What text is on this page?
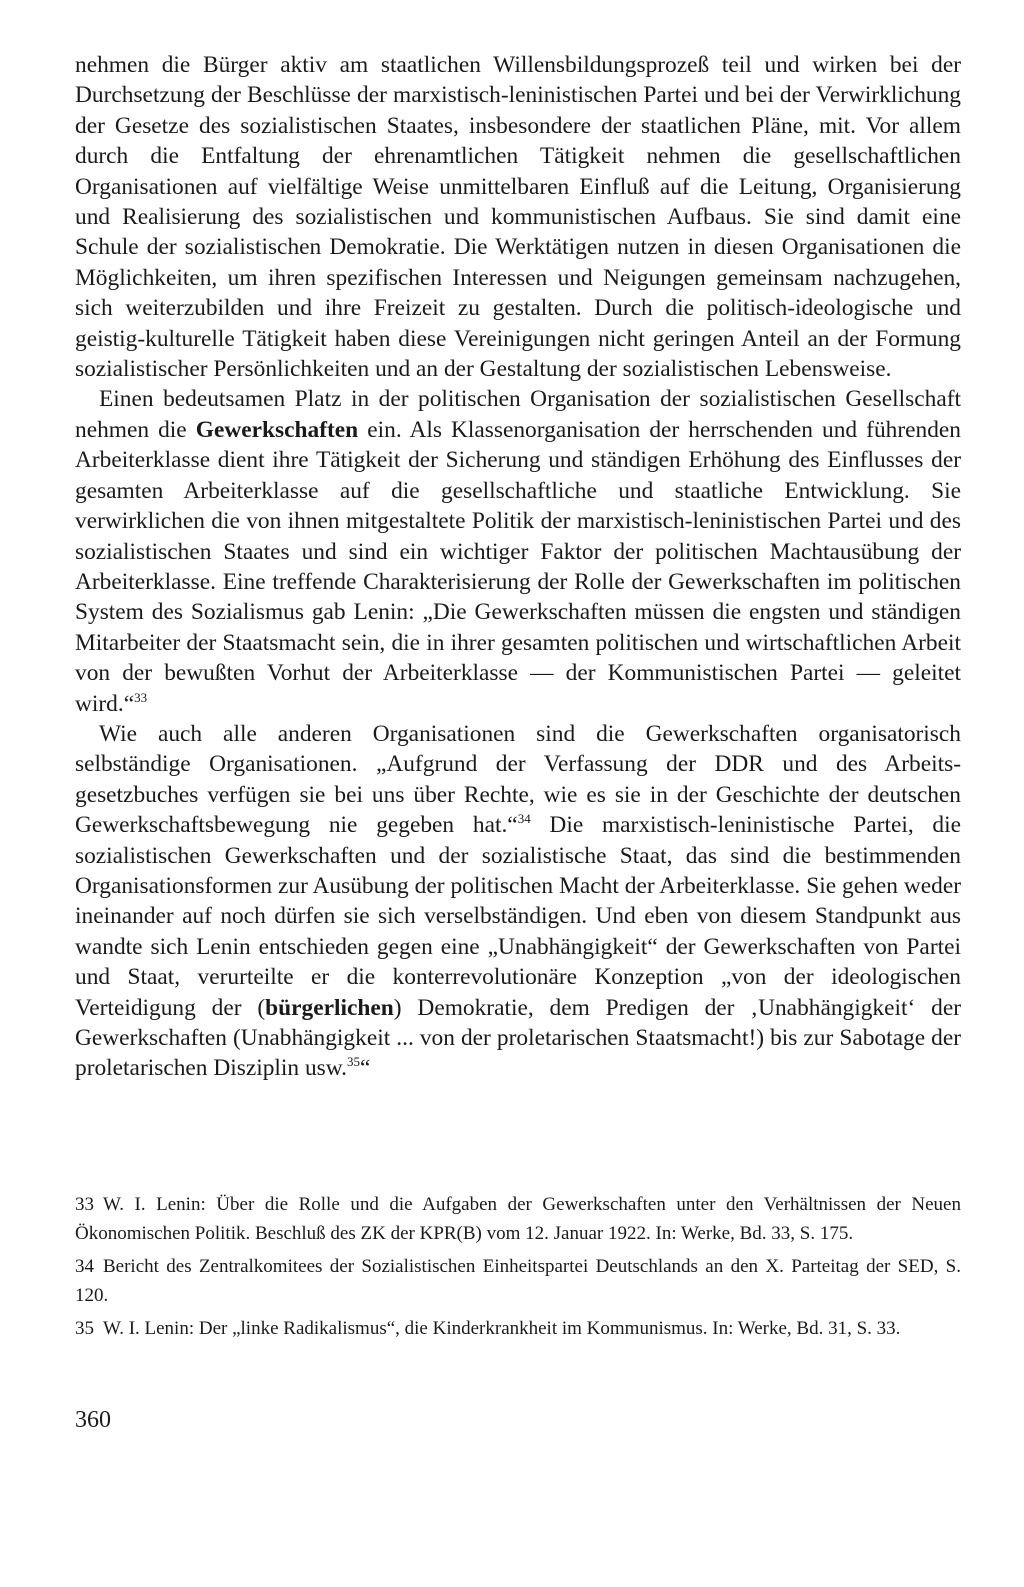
nehmen die Bürger aktiv am staatlichen Willensbildungsprozeß teil und wirken bei der Durchsetzung der Beschlüsse der marxistisch-leninistischen Partei und bei der Verwirklichung der Gesetze des sozialistischen Staates, insbesondere der staatlichen Pläne, mit. Vor allem durch die Entfaltung der ehrenamtlichen Tätigkeit nehmen die gesellschaftlichen Organisationen auf vielfältige Weise unmittelbaren Einfluß auf die Leitung, Organisierung und Realisierung des sozialistischen und kommunistischen Aufbaus. Sie sind damit eine Schule der sozialistischen Demokratie. Die Werktätigen nutzen in diesen Organisationen die Möglichkeiten, um ihren spezifischen Interessen und Neigungen gemeinsam nachzugehen, sich weiterzubilden und ihre Freizeit zu gestalten. Durch die politisch-ideologische und geistig-kulturelle Tätigkeit haben diese Vereinigungen nicht geringen Anteil an der Formung sozialistischer Persönlichkeiten und an der Gestaltung der sozialistischen Lebensweise.

Einen bedeutsamen Platz in der politischen Organisation der sozialistischen Gesellschaft nehmen die Gewerkschaften ein. Als Klassenorganisation der herrschenden und führenden Arbeiterklasse dient ihre Tätigkeit der Sicherung und ständigen Erhöhung des Einflusses der gesamten Arbeiterklasse auf die gesellschaftliche und staatliche Entwicklung. Sie verwirklichen die von ihnen mitgestaltete Politik der marxistisch-leninistischen Partei und des sozialistischen Staates und sind ein wichtiger Faktor der politischen Machtausübung der Arbeiterklasse. Eine treffende Charakterisierung der Rolle der Gewerkschaften im politischen System des Sozialismus gab Lenin: „Die Gewerkschaften müssen die engsten und ständigen Mitarbeiter der Staatsmacht sein, die in ihrer gesamten politischen und wirtschaftlichen Arbeit von der bewußten Vorhut der Arbeiterklasse — der Kommunistischen Partei — geleitet wird.“$^{33}$

Wie auch alle anderen Organisationen sind die Gewerkschaften organisatorisch selbständige Organisationen. „Aufgrund der Verfassung der DDR und des Arbeitsgesetzbuches verfügen sie bei uns über Rechte, wie es sie in der Geschichte der deutschen Gewerkschaftsbewegung nie gegeben hat.“$^{34}$ Die marxistisch-leninistische Partei, die sozialistischen Gewerkschaften und der sozialistische Staat, das sind die bestimmenden Organisationsformen zur Ausübung der politischen Macht der Arbeiterklasse. Sie gehen weder ineinander auf noch dürfen sie sich verselbständigen. Und eben von diesem Standpunkt aus wandte sich Lenin entschieden gegen eine „Unabhängigkeit“ der Gewerkschaften von Partei und Staat, verurteilte er die konterrevolutionäre Konzeption „von der ideologischen Verteidigung der (bürgerlichen) Demokratie, dem Predigen der ‚Unabhängigkeit‘ der Gewerkschaften (Unabhängigkeit ... von der proletarischen Staatsmacht!) bis zur Sabotage der proletarischen Disziplin usw.$^{35}$“

33 W. I. Lenin: Über die Rolle und die Aufgaben der Gewerkschaften unter den Verhältnissen der Neuen Ökonomischen Politik. Beschluß des ZK der KPR(B) vom 12. Januar 1922. In: Werke, Bd. 33, S. 175.

34 Bericht des Zentralkomitees der Sozialistischen Einheitspartei Deutschlands an den X. Parteitag der SED, S. 120.

35 W. I. Lenin: Der „linke Radikalismus“, die Kinderkrankheit im Kommunismus. In: Werke, Bd. 31, S. 33.

360
